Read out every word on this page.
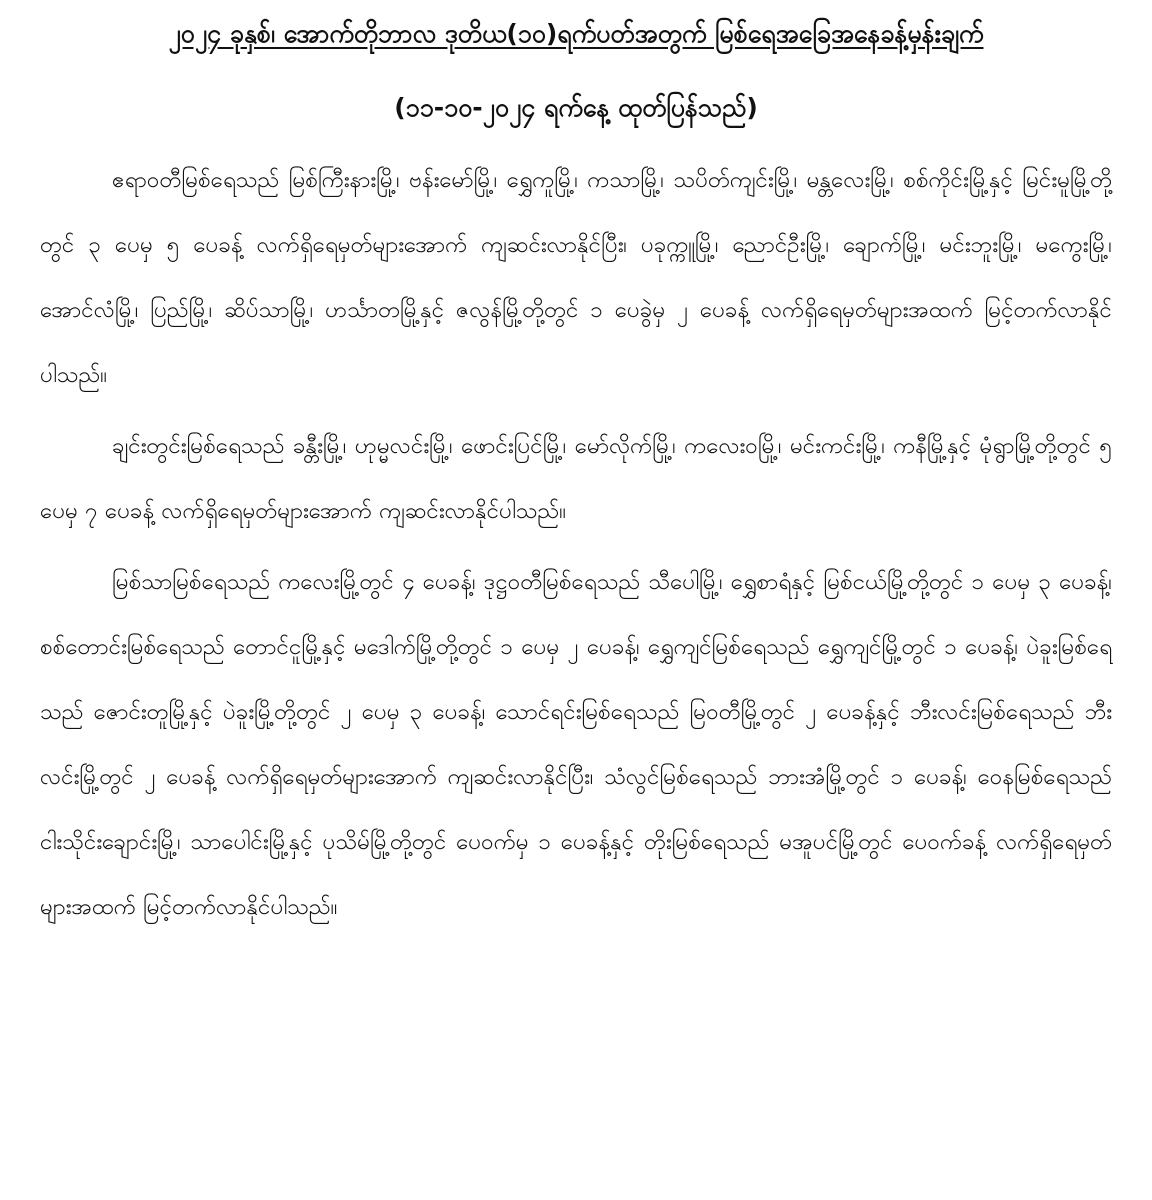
၂၀၂၄ ခုနှစ်၊ အောက်တိုဘာလ ဒုတိယ(၁၀)ရက်ပတ်အတွက် မြစ်ရေအခြေအနေခန့်မှန်းချက်

(၁၁-၁၀-၂၀၂၄ ရက်နေ့ ထုတ်ပြန်သည်)

ဧရာဝတီမြစ်ရေသည် မြစ်ကြီးနားမြို့၊ ဗန်းမော်မြို့၊ ရွှေကူမြို့၊ ကသာမြို့၊ သပိတ်ကျင်းမြို့၊ မန္တလေးမြို့၊ စစ်ကိုင်းမြို့နှင့် မြင်းမူမြို့တို့တွင် ၃ ပေမှ ၅ ပေခန့် လက်ရှိရေမှတ်များအောက် ကျဆင်းလာနိုင်ပြီး၊ ပခုက္ကူမြို့၊ ညောင်ဦးမြို့၊ ချောက်မြို့၊ မင်းဘူးမြို့၊ မကွေးမြို့၊ အောင်လံမြို့၊ ပြည်မြို့၊ ဆိပ်သာမြို့၊ ဟင်္သာတမြို့နှင့် ဇလွန်မြို့တို့တွင် ၁ ပေခွဲမှ ၂ ပေခန့် လက်ရှိရေမှတ်များအထက် မြင့်တက်လာနိုင်ပါသည်။

ချင်းတွင်းမြစ်ရေသည် ခန္တီးမြို့၊ ဟုမ္မလင်းမြို့၊ ဖောင်းပြင်မြို့၊ မော်လိုက်မြို့၊ ကလေးဝမြို့၊ မင်းကင်းမြို့၊ ကနီမြို့နှင့် မုံရွာမြို့တို့တွင် ၅ ပေမှ ၇ ပေခန့် လက်ရှိရေမှတ်များအောက် ကျဆင်းလာနိုင်ပါသည်။

မြစ်သာမြစ်ရေသည် ကလေးမြို့တွင် ၄ ပေခန့်၊ ဒုဋ္ဌဝတီမြစ်ရေသည် သီပေါမြို့၊ ရွှေစာရံနှင့် မြစ်ငယ်မြို့တို့တွင် ၁ ပေမှ ၃ ပေခန့်၊ စစ်တောင်းမြစ်ရေသည် တောင်ငူမြို့နှင့် မဒေါက်မြို့တို့တွင် ၁ ပေမှ ၂ ပေခန့်၊ ရွှေကျင်မြစ်ရေသည် ရွှေကျင်မြို့တွင် ၁ ပေခန့်၊ ပဲခူးမြစ်ရေသည် ဇောင်းတူမြို့နှင့် ပဲခူးမြို့တို့တွင် ၂ ပေမှ ၃ ပေခန့်၊ သောင်ရင်းမြစ်ရေသည် မြဝတီမြို့တွင် ၂ ပေခန့်နှင့် ဘီးလင်းမြစ်ရေသည် ဘီးလင်းမြို့တွင် ၂ ပေခန့် လက်ရှိရေမှတ်များအောက် ကျဆင်းလာနိုင်ပြီး၊ သံလွင်မြစ်ရေသည် ဘားအံမြို့တွင် ၁ ပေခန့်၊ ဝေနမြစ်ရေသည် ငါးသိုင်းချောင်းမြို့၊ သာပေါင်းမြို့နှင့် ပုသိမ်မြို့တို့တွင် ပေဝက်မှ ၁ ပေခန့်နှင့် တိုးမြစ်ရေသည် မအူပင်မြို့တွင် ပေဝက်ခန့် လက်ရှိရေမှတ်များအထက် မြင့်တက်လာနိုင်ပါသည်။
